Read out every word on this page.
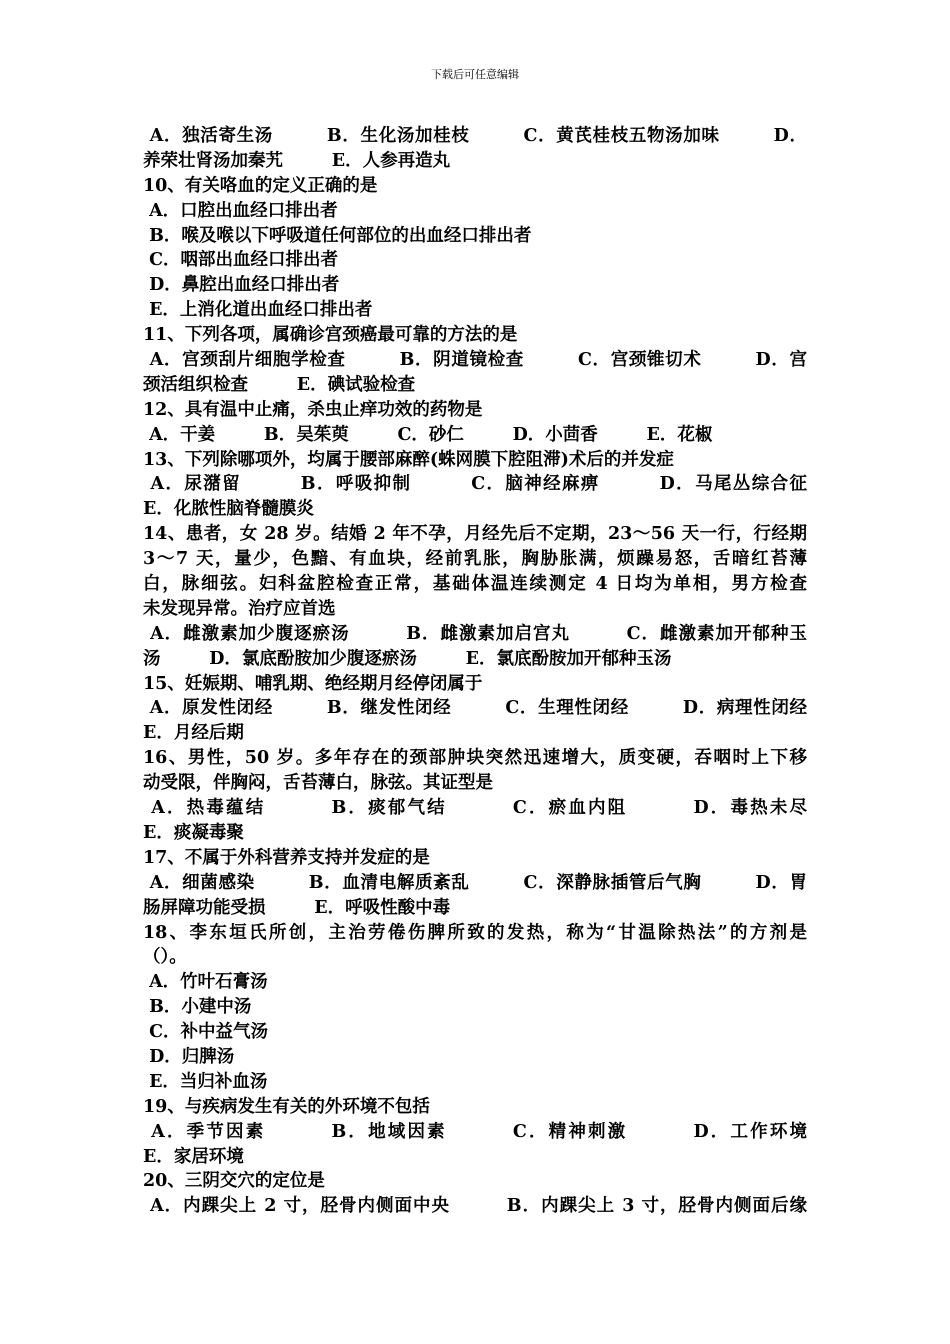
下载后可任意编辑
A．独活寄生汤        B．生化汤加桂枝        C．黄芪桂枝五物汤加味        D．
养荣壮肾汤加秦艽        E．人参再造丸
10、有关咯血的定义正确的是
A．口腔出血经口排出者
B．喉及喉以下呼吸道任何部位的出血经口排出者
C．咽部出血经口排出者
D．鼻腔出血经口排出者
E．上消化道出血经口排出者
11、下列各项，属确诊宫颈癌最可靠的方法的是
A．宫颈刮片细胞学检查        B．阴道镜检查        C．宫颈锥切术        D．宫
颈活组织检查        E．碘试验检查
12、具有温中止痛，杀虫止痒功效的药物是
A．干姜        B．吴茱萸        C．砂仁        D．小茴香        E．花椒
13、下列除哪项外，均属于腰部麻醉(蛛网膜下腔阻滞)术后的并发症
A．尿潴留        B．呼吸抑制        C．脑神经麻痹        D．马尾丛综合征
E．化脓性脑脊髓膜炎
14、患者，女 28 岁。结婚 2 年不孕，月经先后不定期，23～56 天一行，行经期
3～7 天，量少，色黯、有血块，经前乳胀，胸胁胀满，烦躁易怒，舌暗红苔薄
白，脉细弦。妇科盆腔检查正常，基础体温连续测定 4 日均为单相，男方检查
未发现异常。治疗应首选
A．雌激素加少腹逐瘀汤        B．雌激素加启宫丸        C．雌激素加开郁种玉
汤        D．氯底酚胺加少腹逐瘀汤        E．氯底酚胺加开郁种玉汤
15、妊娠期、哺乳期、绝经期月经停闭属于
A．原发性闭经        B．继发性闭经        C．生理性闭经        D．病理性闭经
E．月经后期
16、男性，50 岁。多年存在的颈部肿块突然迅速增大，质变硬，吞咽时上下移
动受限，伴胸闷，舌苔薄白，脉弦。其证型是
A．热毒蕴结        B．痰郁气结        C．瘀血内阻        D．毒热未尽
E．痰凝毒聚
17、不属于外科营养支持并发症的是
A．细菌感染        B．血清电解质紊乱        C．深静脉插管后气胸        D．胃
肠屏障功能受损        E．呼吸性酸中毒
18、李东垣氏所创，主治劳倦伤脾所致的发热，称为“甘温除热法”的方剂是
（）。
A．竹叶石膏汤
B．小建中汤
C．补中益气汤
D．归脾汤
E．当归补血汤
19、与疾病发生有关的外环境不包括
A．季节因素        B．地域因素        C．精神刺激        D．工作环境
E．家居环境
20、三阴交穴的定位是
A．内踝尖上 2 寸，胫骨内侧面中央        B．内踝尖上 3 寸，胫骨内侧面后缘
